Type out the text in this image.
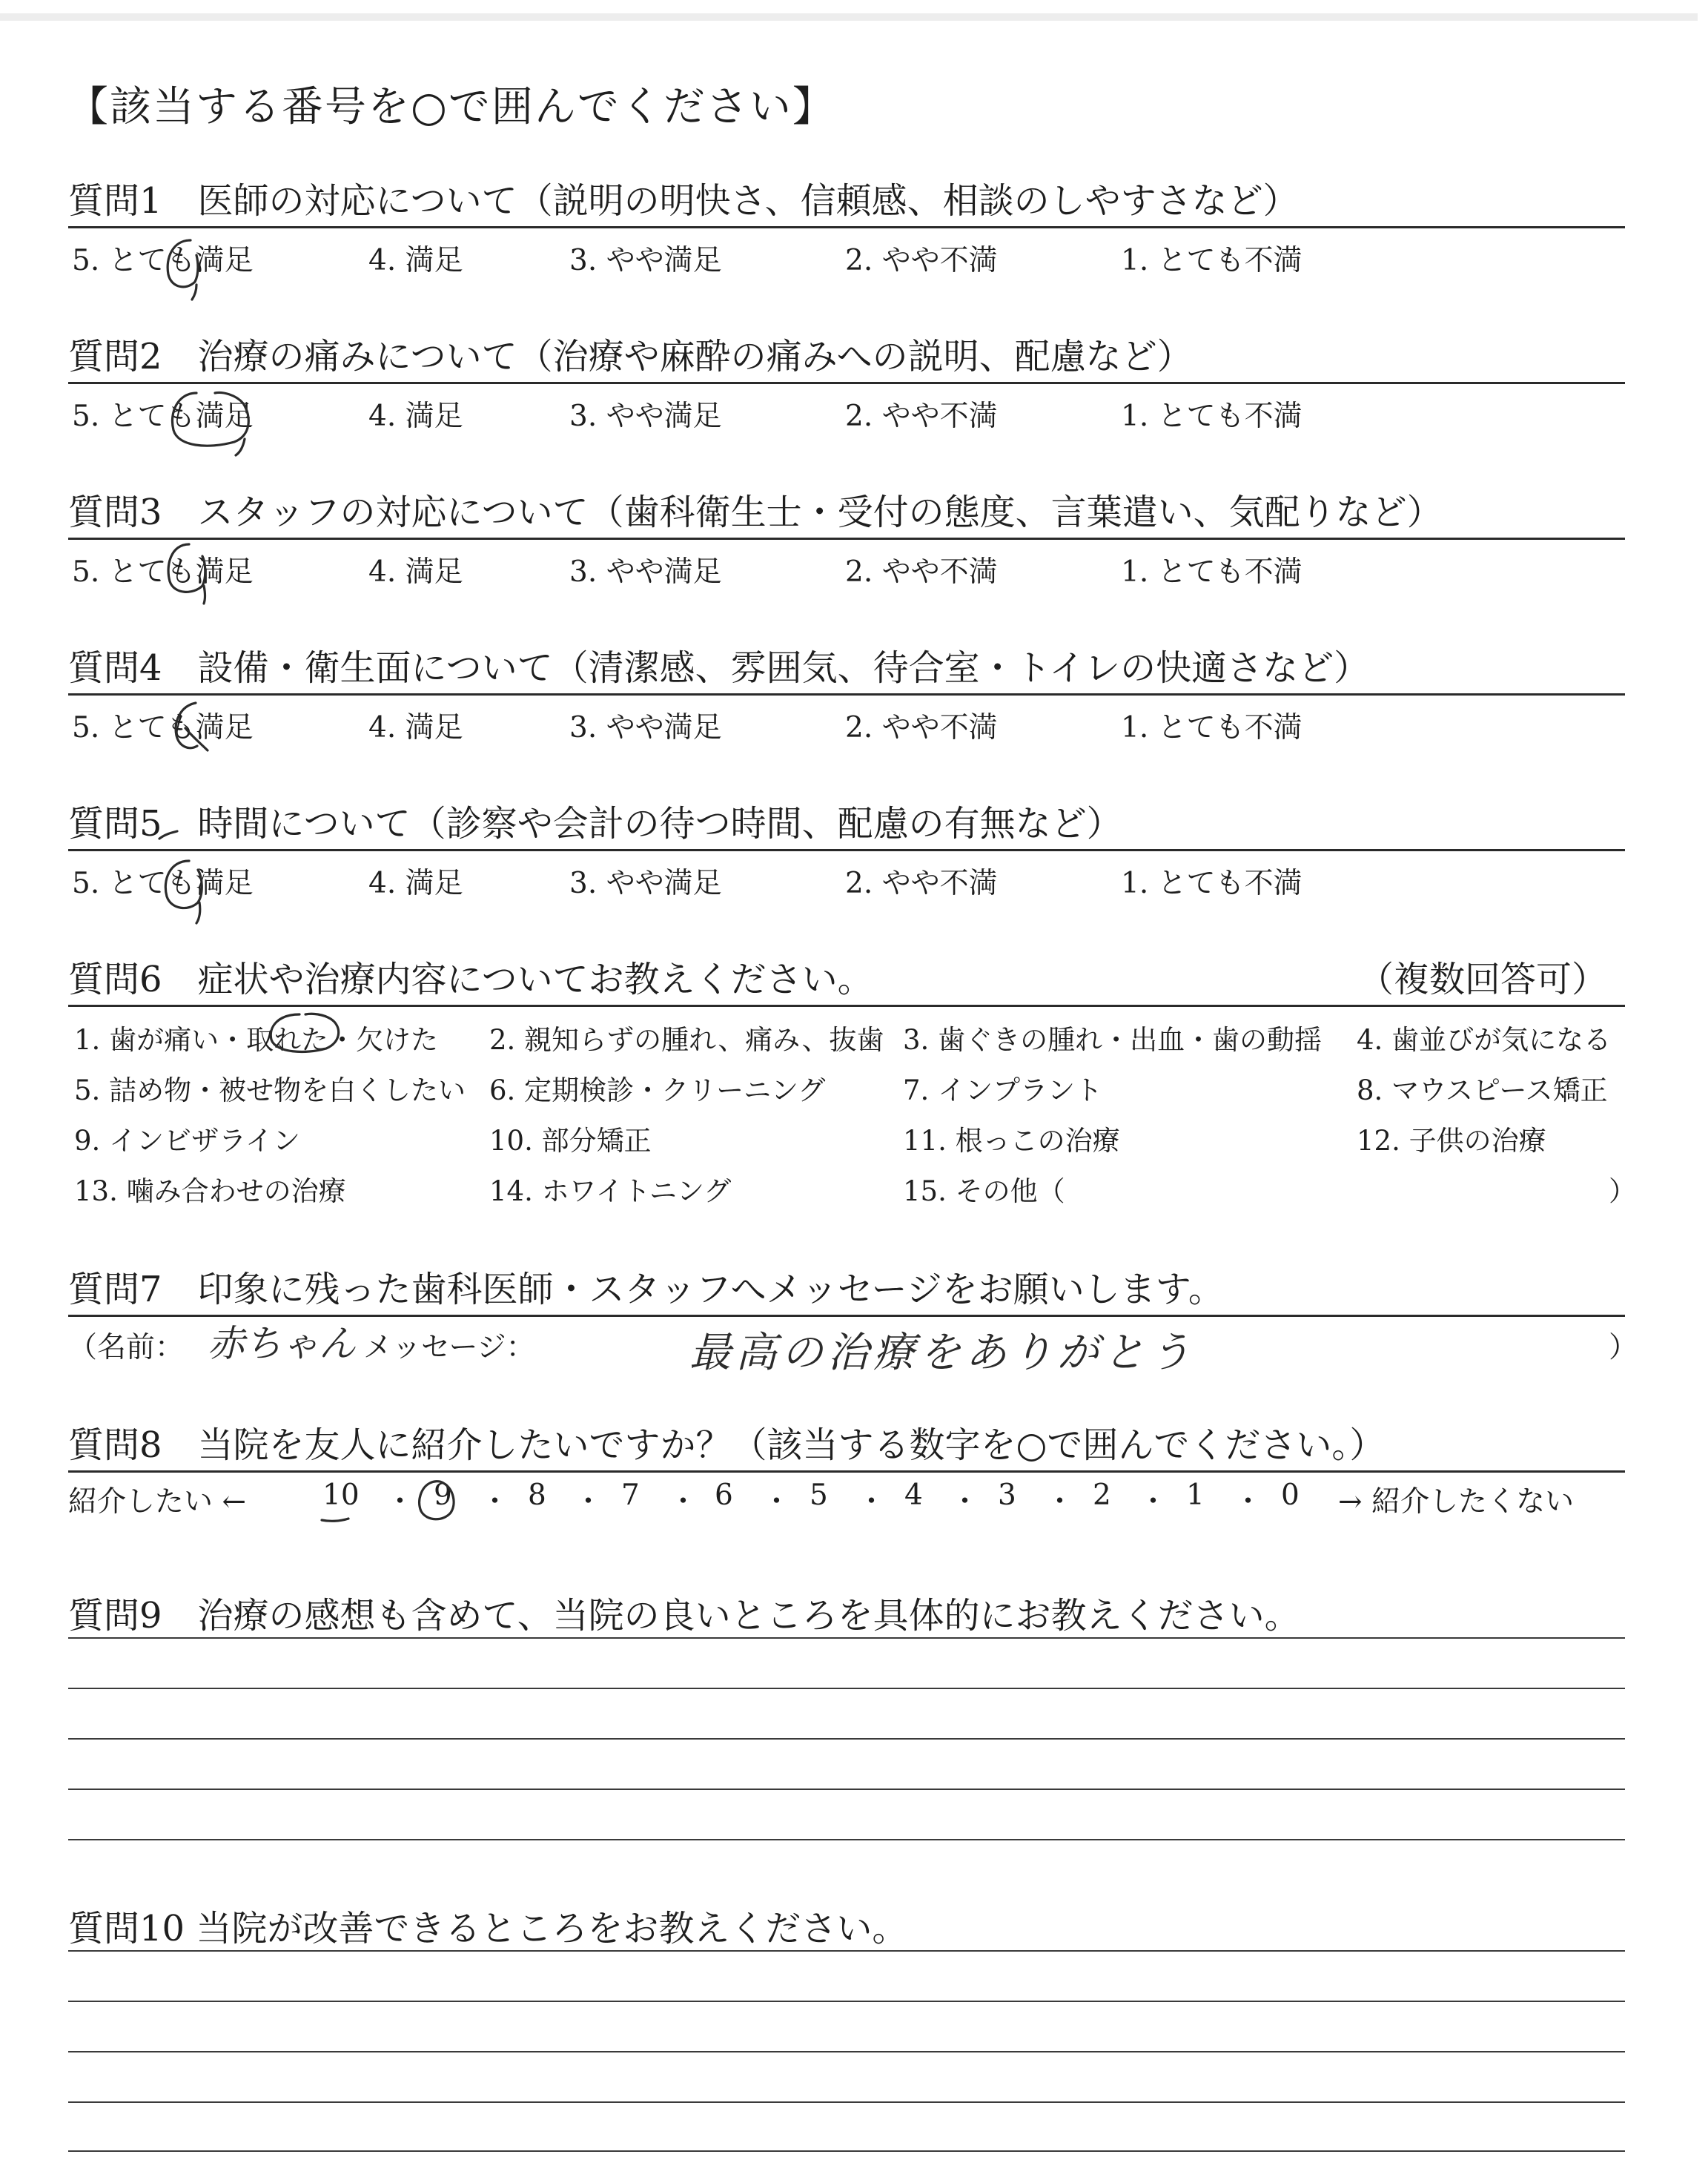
【該当する番号を○で囲んでください】
質問1　医師の対応について（説明の明快さ、信頼感、相談のしやすさなど）
5. とても満足	4. 満足	3. やや満足	2. やや不満	1. とても不満
質問2　治療の痛みについて（治療や麻酔の痛みへの説明、配慮など）
5. とても満足	4. 満足	3. やや満足	2. やや不満	1. とても不満
質問3　スタッフの対応について（歯科衛生士・受付の態度、言葉遣い、気配りなど）
5. とても満足	4. 満足	3. やや満足	2. やや不満	1. とても不満
質問4　設備・衛生面について（清潔感、雰囲気、待合室・トイレの快適さなど）
5. とても満足	4. 満足	3. やや満足	2. やや不満	1. とても不満
質問5　時間について（診察や会計の待つ時間、配慮の有無など）
5. とても満足	4. 満足	3. やや満足	2. やや不満	1. とても不満
質問6　症状や治療内容についてお教えください。	（複数回答可）
1. 歯が痛い・取れた・欠けた 2. 親知らずの腫れ、痛み、抜歯 3. 歯ぐきの腫れ・出血・歯の動揺 4. 歯並びが気になる
5. 詰め物・被せ物を白くしたい 6. 定期検診・クリーニング	7. インプラント	8. マウスピース矯正
9. インビザライン	10. 部分矯正	11. 根っこの治療	12. 子供の治療
13. 噛み合わせの治療	14. ホワイトニング	15. その他（	）
質問7　印象に残った歯科医師・スタッフへメッセージをお願いします。
（名前： 赤ちゃん メッセージ：	最高の治療をありがとう	）
質問8　当院を友人に紹介したいですか？（該当する数字を○で囲んでください。）
紹介したい ←	10 ・ 9 ・ 8 ・ 7 ・ 6 ・ 5 ・ 4 ・ 3 ・ 2 ・ 1 ・ 0 → 紹介したくない
質問9　治療の感想も含めて、当院の良いところを具体的にお教えください。
質問10 当院が改善できるところをお教えください。
